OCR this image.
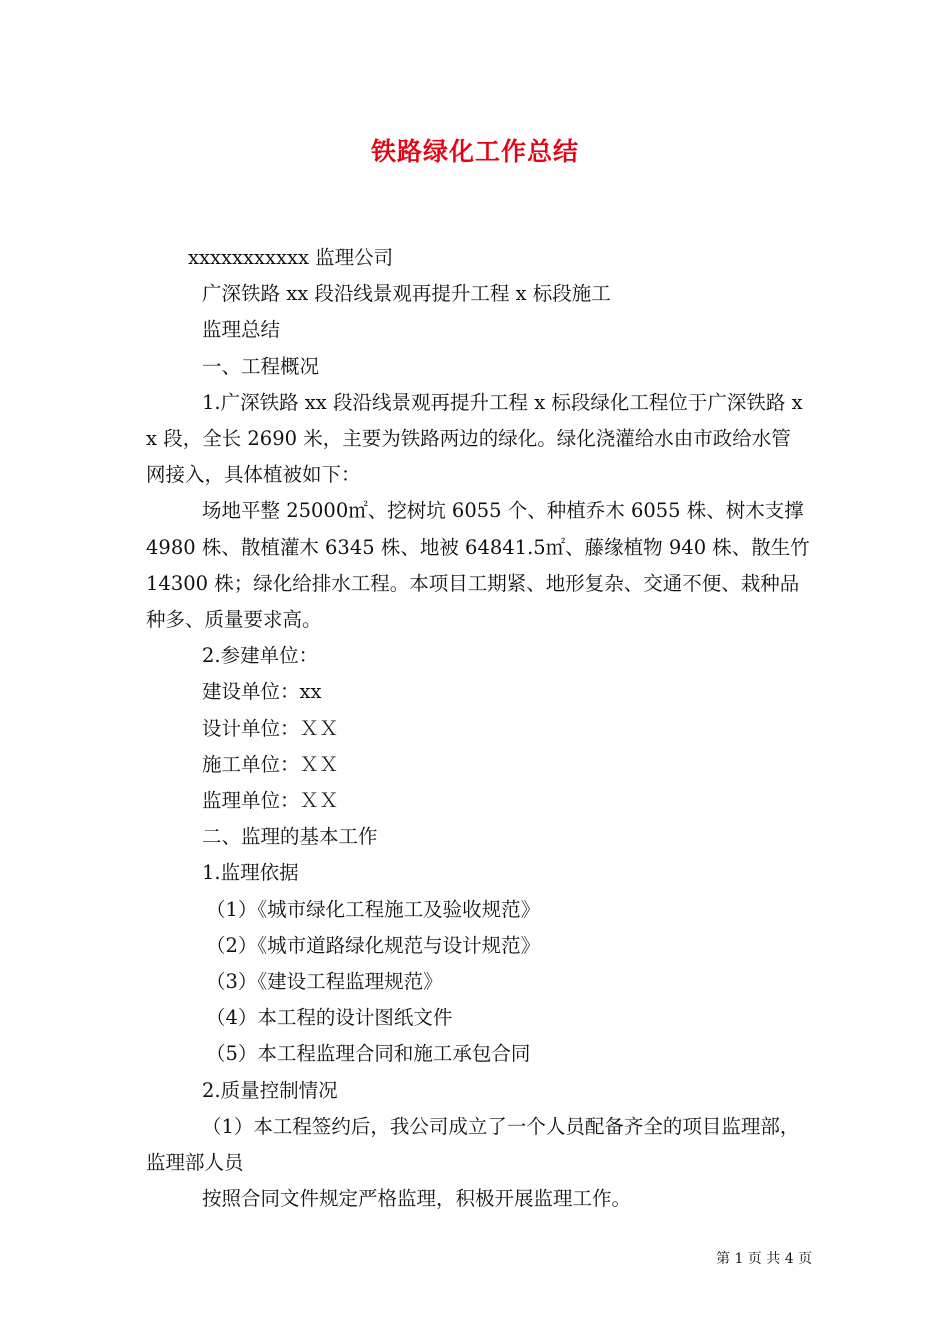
铁路绿化工作总结

xxxxxxxxxxx 监理公司

广深铁路 xx 段沿线景观再提升工程 x 标段施工

监理总结

一、工程概况

1.广深铁路 xx 段沿线景观再提升工程 x 标段绿化工程位于广深铁路 xx 段，全长 2690 米，主要为铁路两边的绿化。绿化浇灌给水由市政给水管网接入，具体植被如下：

场地平整 25000㎡、挖树坑 6055 个、种植乔木 6055 株、树木支撑 4980 株、散植灌木 6345 株、地被 64841.5㎡、藤缘植物 940 株、散生竹 14300 株；绿化给排水工程。本项目工期紧、地形复杂、交通不便、栽种品种多、质量要求高。

2.参建单位：

建设单位：xx

设计单位：ＸＸ

施工单位：ＸＸ

监理单位：ＸＸ

二、监理的基本工作

1.监理依据

（1）《城市绿化工程施工及验收规范》

（2）《城市道路绿化规范与设计规范》

（3）《建设工程监理规范》

（4）本工程的设计图纸文件

（5）本工程监理合同和施工承包合同

2.质量控制情况

（1）本工程签约后，我公司成立了一个人员配备齐全的项目监理部，监理部人员

按照合同文件规定严格监理，积极开展监理工作。

第 1 页 共 4 页
